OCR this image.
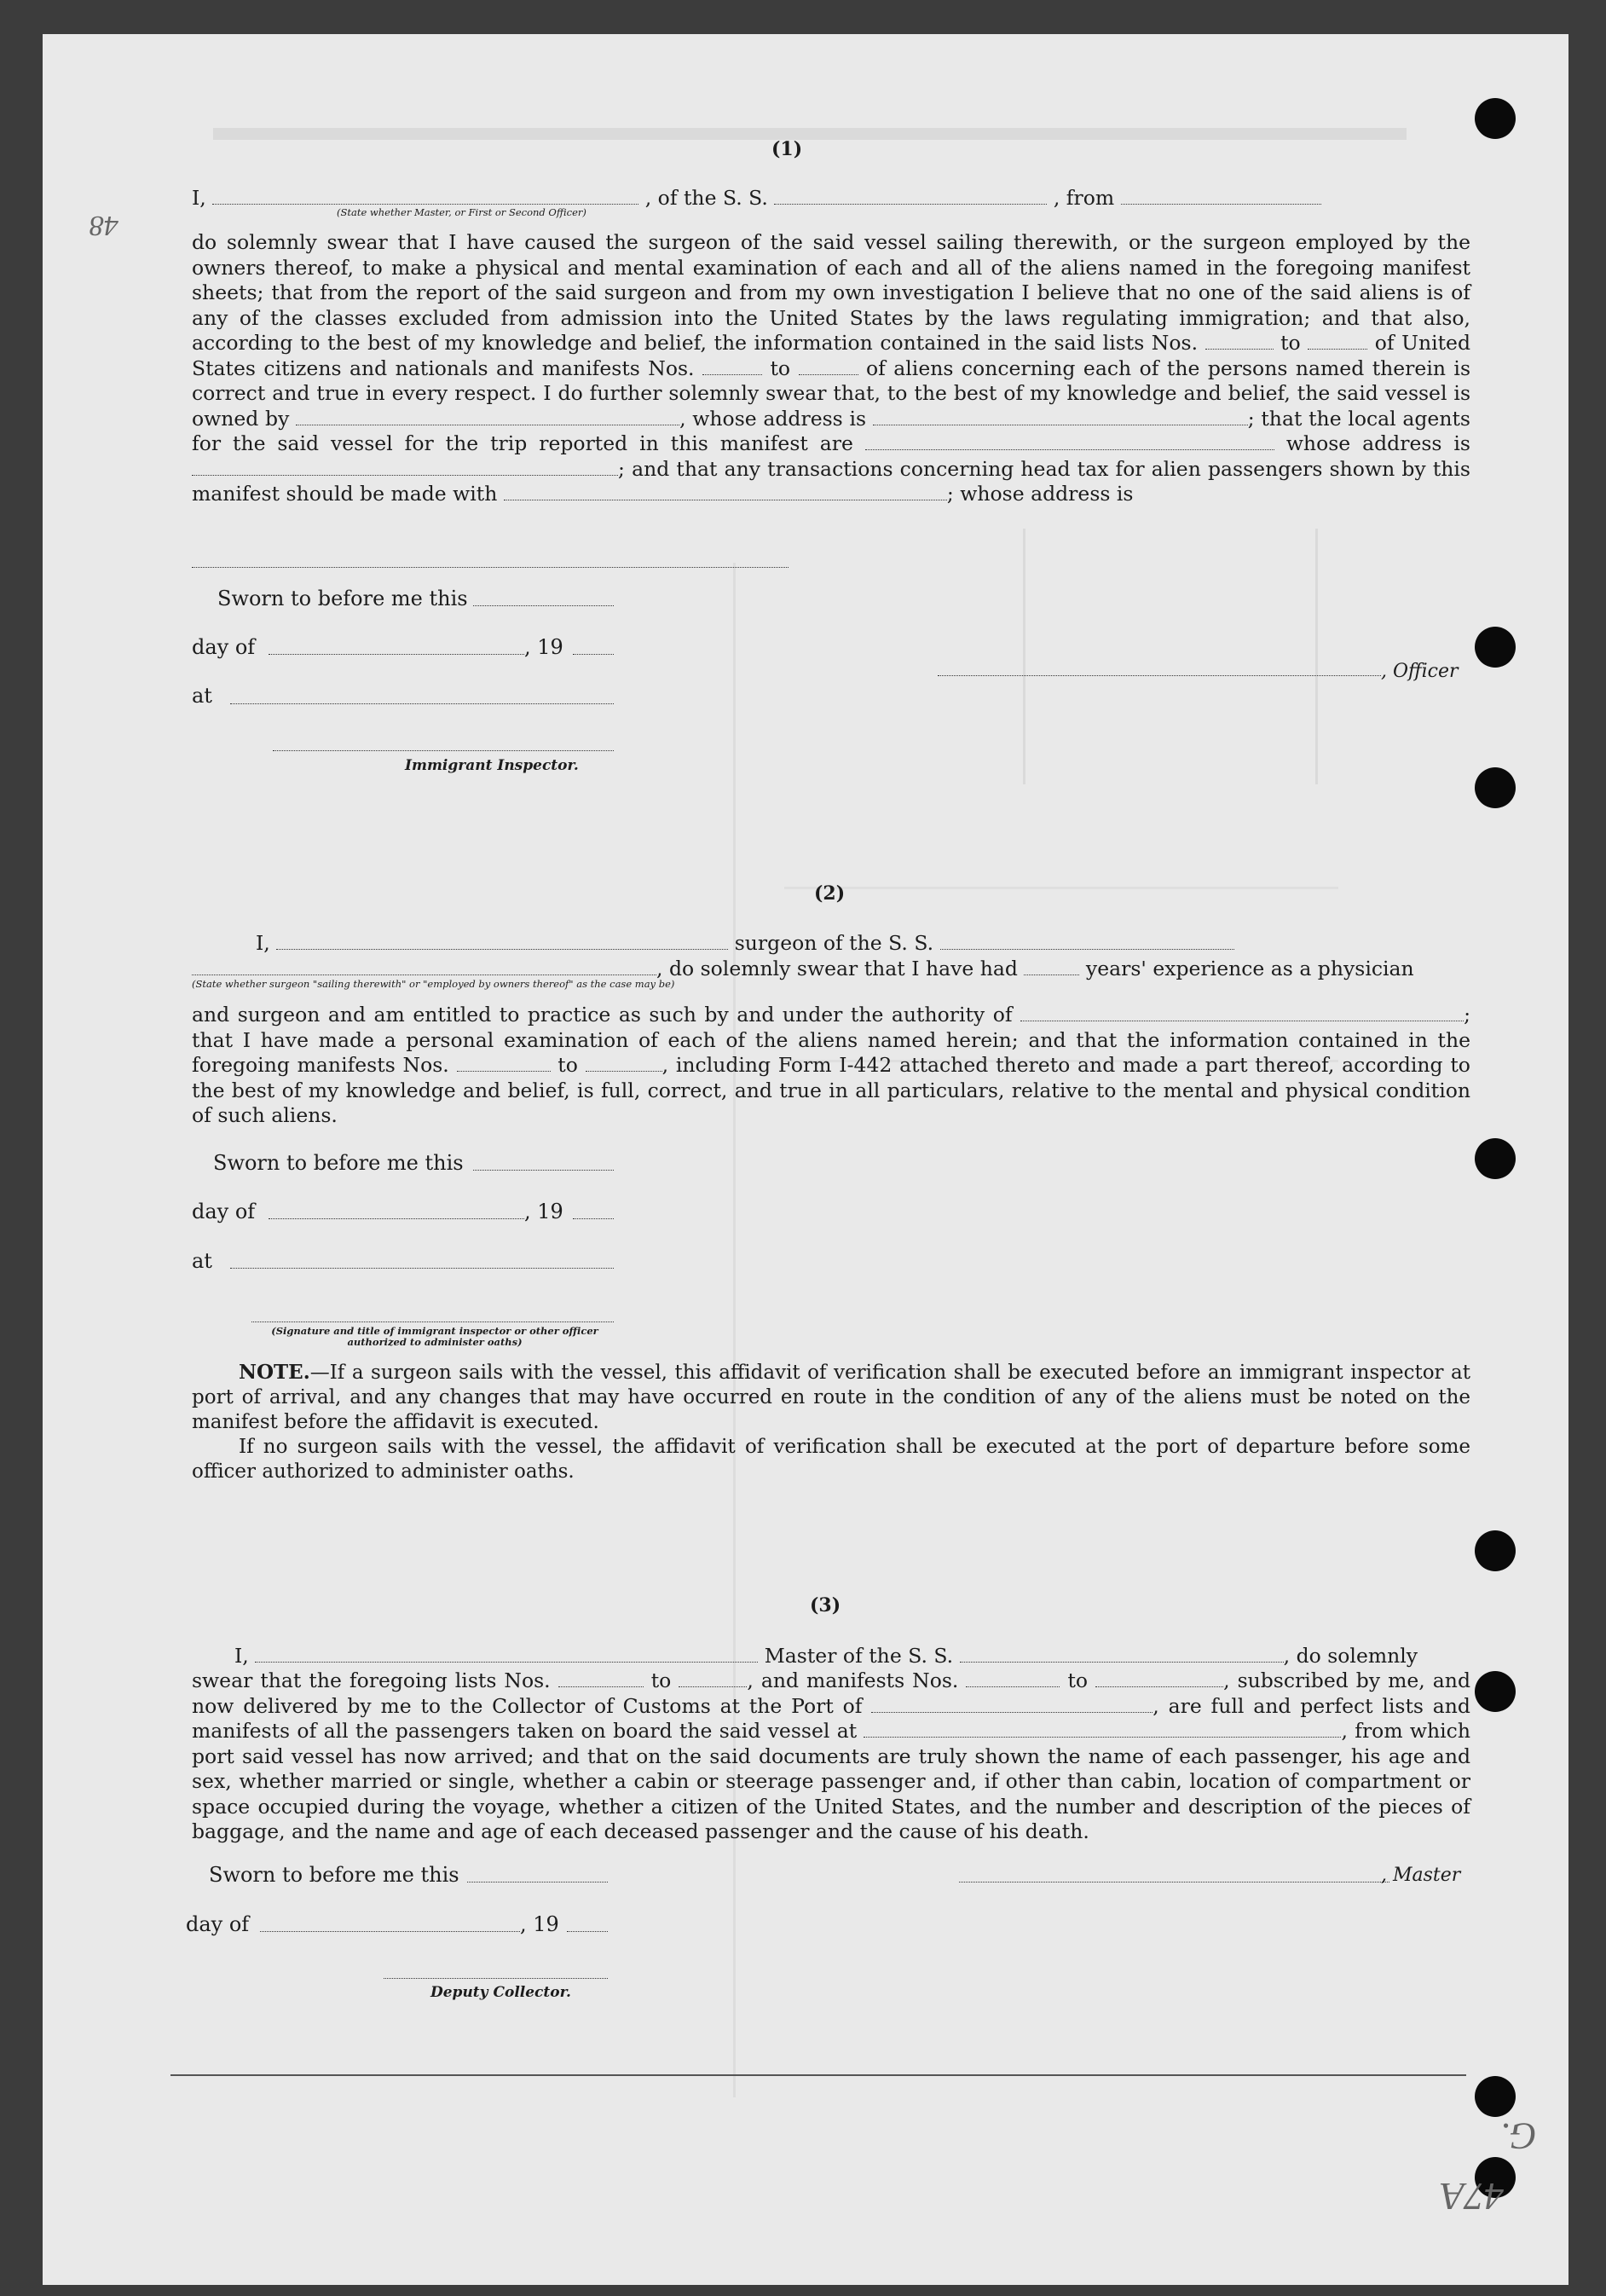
48
G.
47A
(1)
I,	, of the S. S.	, from
(State whether Master, or First or Second Officer)
do solemnly swear that I have caused the surgeon of the said vessel sailing therewith, or the surgeon employed by the owners thereof, to make a physical and mental examination of each and all of the aliens named in the foregoing manifest sheets; that from the report of the said surgeon and from my own investigation I believe that no one of the said aliens is of any of the classes excluded from admission into the United States by the laws regulating immigration; and that also, according to the best of my knowledge and belief, the information contained in the said lists Nos.	to	of United States citizens and nationals and manifests Nos.	to	of aliens concerning each of the persons named therein is correct and true in every respect. I do further solemnly swear that, to the best of my knowledge and belief, the said vessel is owned by	, whose address is	; that the local agents for the said vessel for the trip reported in this manifest are	whose address is ; and that any transactions concerning head tax for alien passengers shown by this manifest should be made with	; whose address is
Sworn to before me this
day of	, 19
at
Immigrant Inspector.
, Officer
(2)
I,	surgeon of the S. S.
, do solemnly swear that I have had	years' experience as a physician
(State whether surgeon "sailing therewith" or "employed by owners thereof" as the case may be)
and surgeon and am entitled to practice as such by and under the authority of	; that I have made a personal examination of each of the aliens named herein; and that the information contained in the foregoing manifests Nos.	to	, including Form I-442 attached thereto and made a part thereof, according to the best of my knowledge and belief, is full, correct, and true in all particulars, relative to the mental and physical condition of such aliens.
Sworn to before me this
day of	, 19
at
(Signature and title of immigrant inspector or other officer authorized to administer oaths)
NOTE.—If a surgeon sails with the vessel, this affidavit of verification shall be executed before an immigrant inspector at port of arrival, and any changes that may have occurred en route in the condition of any of the aliens must be noted on the manifest before the affidavit is executed.
If no surgeon sails with the vessel, the affidavit of verification shall be executed at the port of departure before some officer authorized to administer oaths.
(3)
I,	Master of the S. S.	, do solemnly
swear that the foregoing lists Nos.	to	, and manifests Nos.	to	, subscribed by me, and now delivered by me to the Collector of Customs at the Port of	, are full and perfect lists and manifests of all the passengers taken on board the said vessel at	, from which port said vessel has now arrived; and that on the said documents are truly shown the name of each passenger, his age and sex, whether married or single, whether a cabin or steerage passenger and, if other than cabin, location of compartment or space occupied during the voyage, whether a citizen of the United States, and the number and description of the pieces of baggage, and the name and age of each deceased passenger and the cause of his death.
Sworn to before me this
day of	, 19
Deputy Collector.
, Master
